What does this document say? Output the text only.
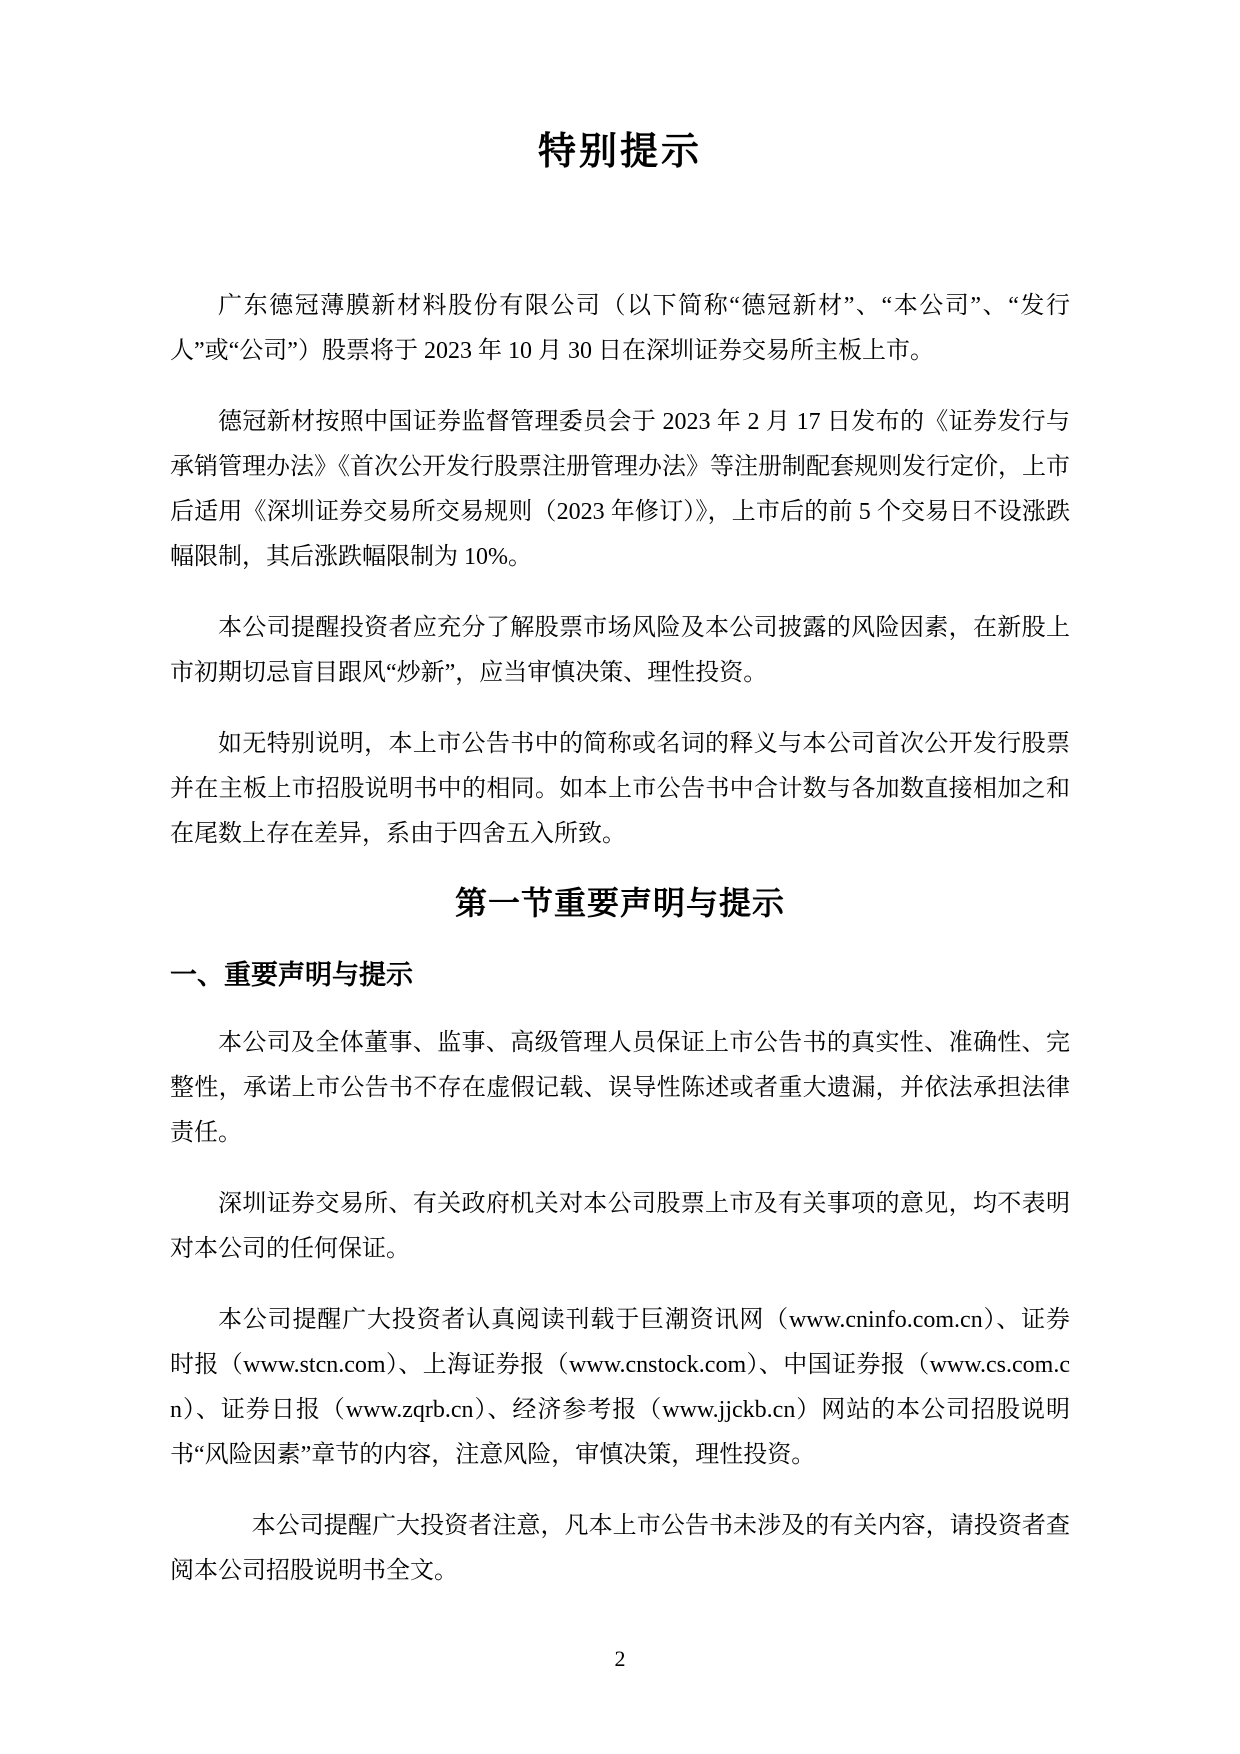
特别提示

广东德冠薄膜新材料股份有限公司（以下简称“德冠新材”、“本公司”、“发行人”或“公司”）股票将于 2023 年 10 月 30 日在深圳证券交易所主板上市。

德冠新材按照中国证券监督管理委员会于 2023 年 2 月 17 日发布的《证券发行与承销管理办法》《首次公开发行股票注册管理办法》等注册制配套规则发行定价，上市后适用《深圳证券交易所交易规则（2023 年修订）》，上市后的前 5 个交易日不设涨跌幅限制，其后涨跌幅限制为 10%。

本公司提醒投资者应充分了解股票市场风险及本公司披露的风险因素，在新股上市初期切忌盲目跟风“炒新”，应当审慎决策、理性投资。

如无特别说明，本上市公告书中的简称或名词的释义与本公司首次公开发行股票并在主板上市招股说明书中的相同。如本上市公告书中合计数与各加数直接相加之和在尾数上存在差异，系由于四舍五入所致。

第一节重要声明与提示
一、重要声明与提示

本公司及全体董事、监事、高级管理人员保证上市公告书的真实性、准确性、完整性，承诺上市公告书不存在虚假记载、误导性陈述或者重大遗漏，并依法承担法律责任。

深圳证券交易所、有关政府机关对本公司股票上市及有关事项的意见，均不表明对本公司的任何保证。

本公司提醒广大投资者认真阅读刊载于巨潮资讯网（www.cninfo.com.cn）、证券时报（www.stcn.com）、上海证券报（www.cnstock.com）、中国证券报（www.cs.com.cn）、证券日报（www.zqrb.cn）、经济参考报（www.jjckb.cn）网站的本公司招股说明书“风险因素”章节的内容，注意风险，审慎决策，理性投资。

本公司提醒广大投资者注意，凡本上市公告书未涉及的有关内容，请投资者查阅本公司招股说明书全文。

2
